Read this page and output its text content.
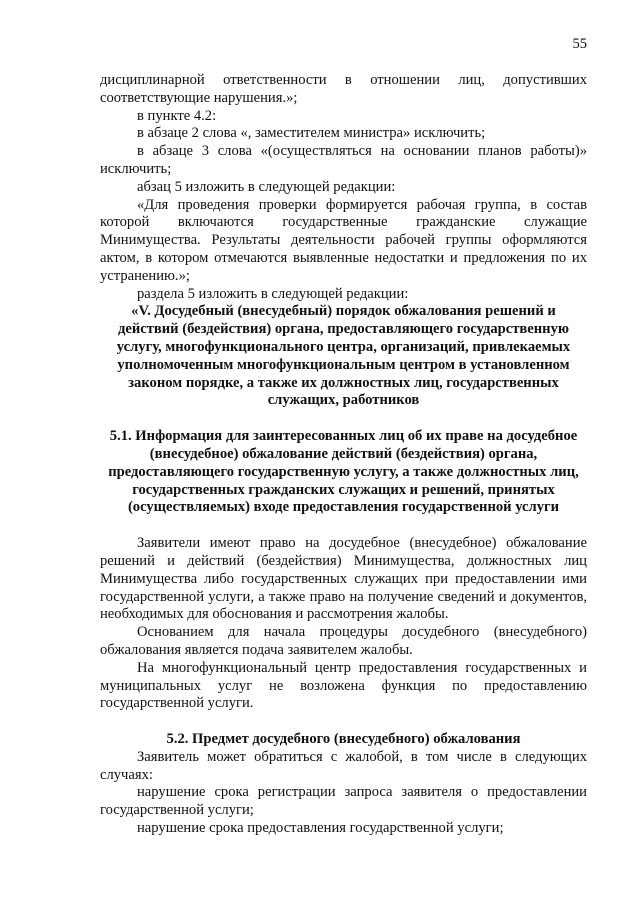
55

дисциплинарной ответственности в отношении лиц, допустивших соответствующие нарушения.»;

в пункте 4.2:

в абзаце 2 слова «, заместителем министра» исключить;

в абзаце 3 слова «(осуществляться на основании планов работы)» исключить;

абзац 5 изложить в следующей редакции:

«Для проведения проверки формируется рабочая группа, в состав которой включаются государственные гражданские служащие Минимущества. Результаты деятельности рабочей группы оформляются актом, в котором отмечаются выявленные недостатки и предложения по их устранению.»;

раздела 5 изложить в следующей редакции:

«V. Досудебный (внесудебный) порядок обжалования решений и действий (бездействия) органа, предоставляющего государственную услугу, многофункционального центра, организаций, привлекаемых уполномоченным многофункциональным центром в установленном законом порядке, а также их должностных лиц, государственных служащих, работников

5.1. Информация для заинтересованных лиц об их праве на досудебное (внесудебное) обжалование действий (бездействия) органа, предоставляющего государственную услугу, а также должностных лиц, государственных гражданских служащих и решений, принятых (осуществляемых) входе предоставления государственной услуги

Заявители имеют право на досудебное (внесудебное) обжалование решений и действий (бездействия) Минимущества, должностных лиц Минимущества либо государственных служащих при предоставлении ими государственной услуги, а также право на получение сведений и документов, необходимых для обоснования и рассмотрения жалобы.

Основанием для начала процедуры досудебного (внесудебного) обжалования является подача заявителем жалобы.

На многофункциональный центр предоставления государственных и муниципальных услуг не возложена функция по предоставлению государственной услуги.

5.2. Предмет досудебного (внесудебного) обжалования

Заявитель может обратиться с жалобой, в том числе в следующих случаях:

нарушение срока регистрации запроса заявителя о предоставлении государственной услуги;

нарушение срока предоставления государственной услуги;
